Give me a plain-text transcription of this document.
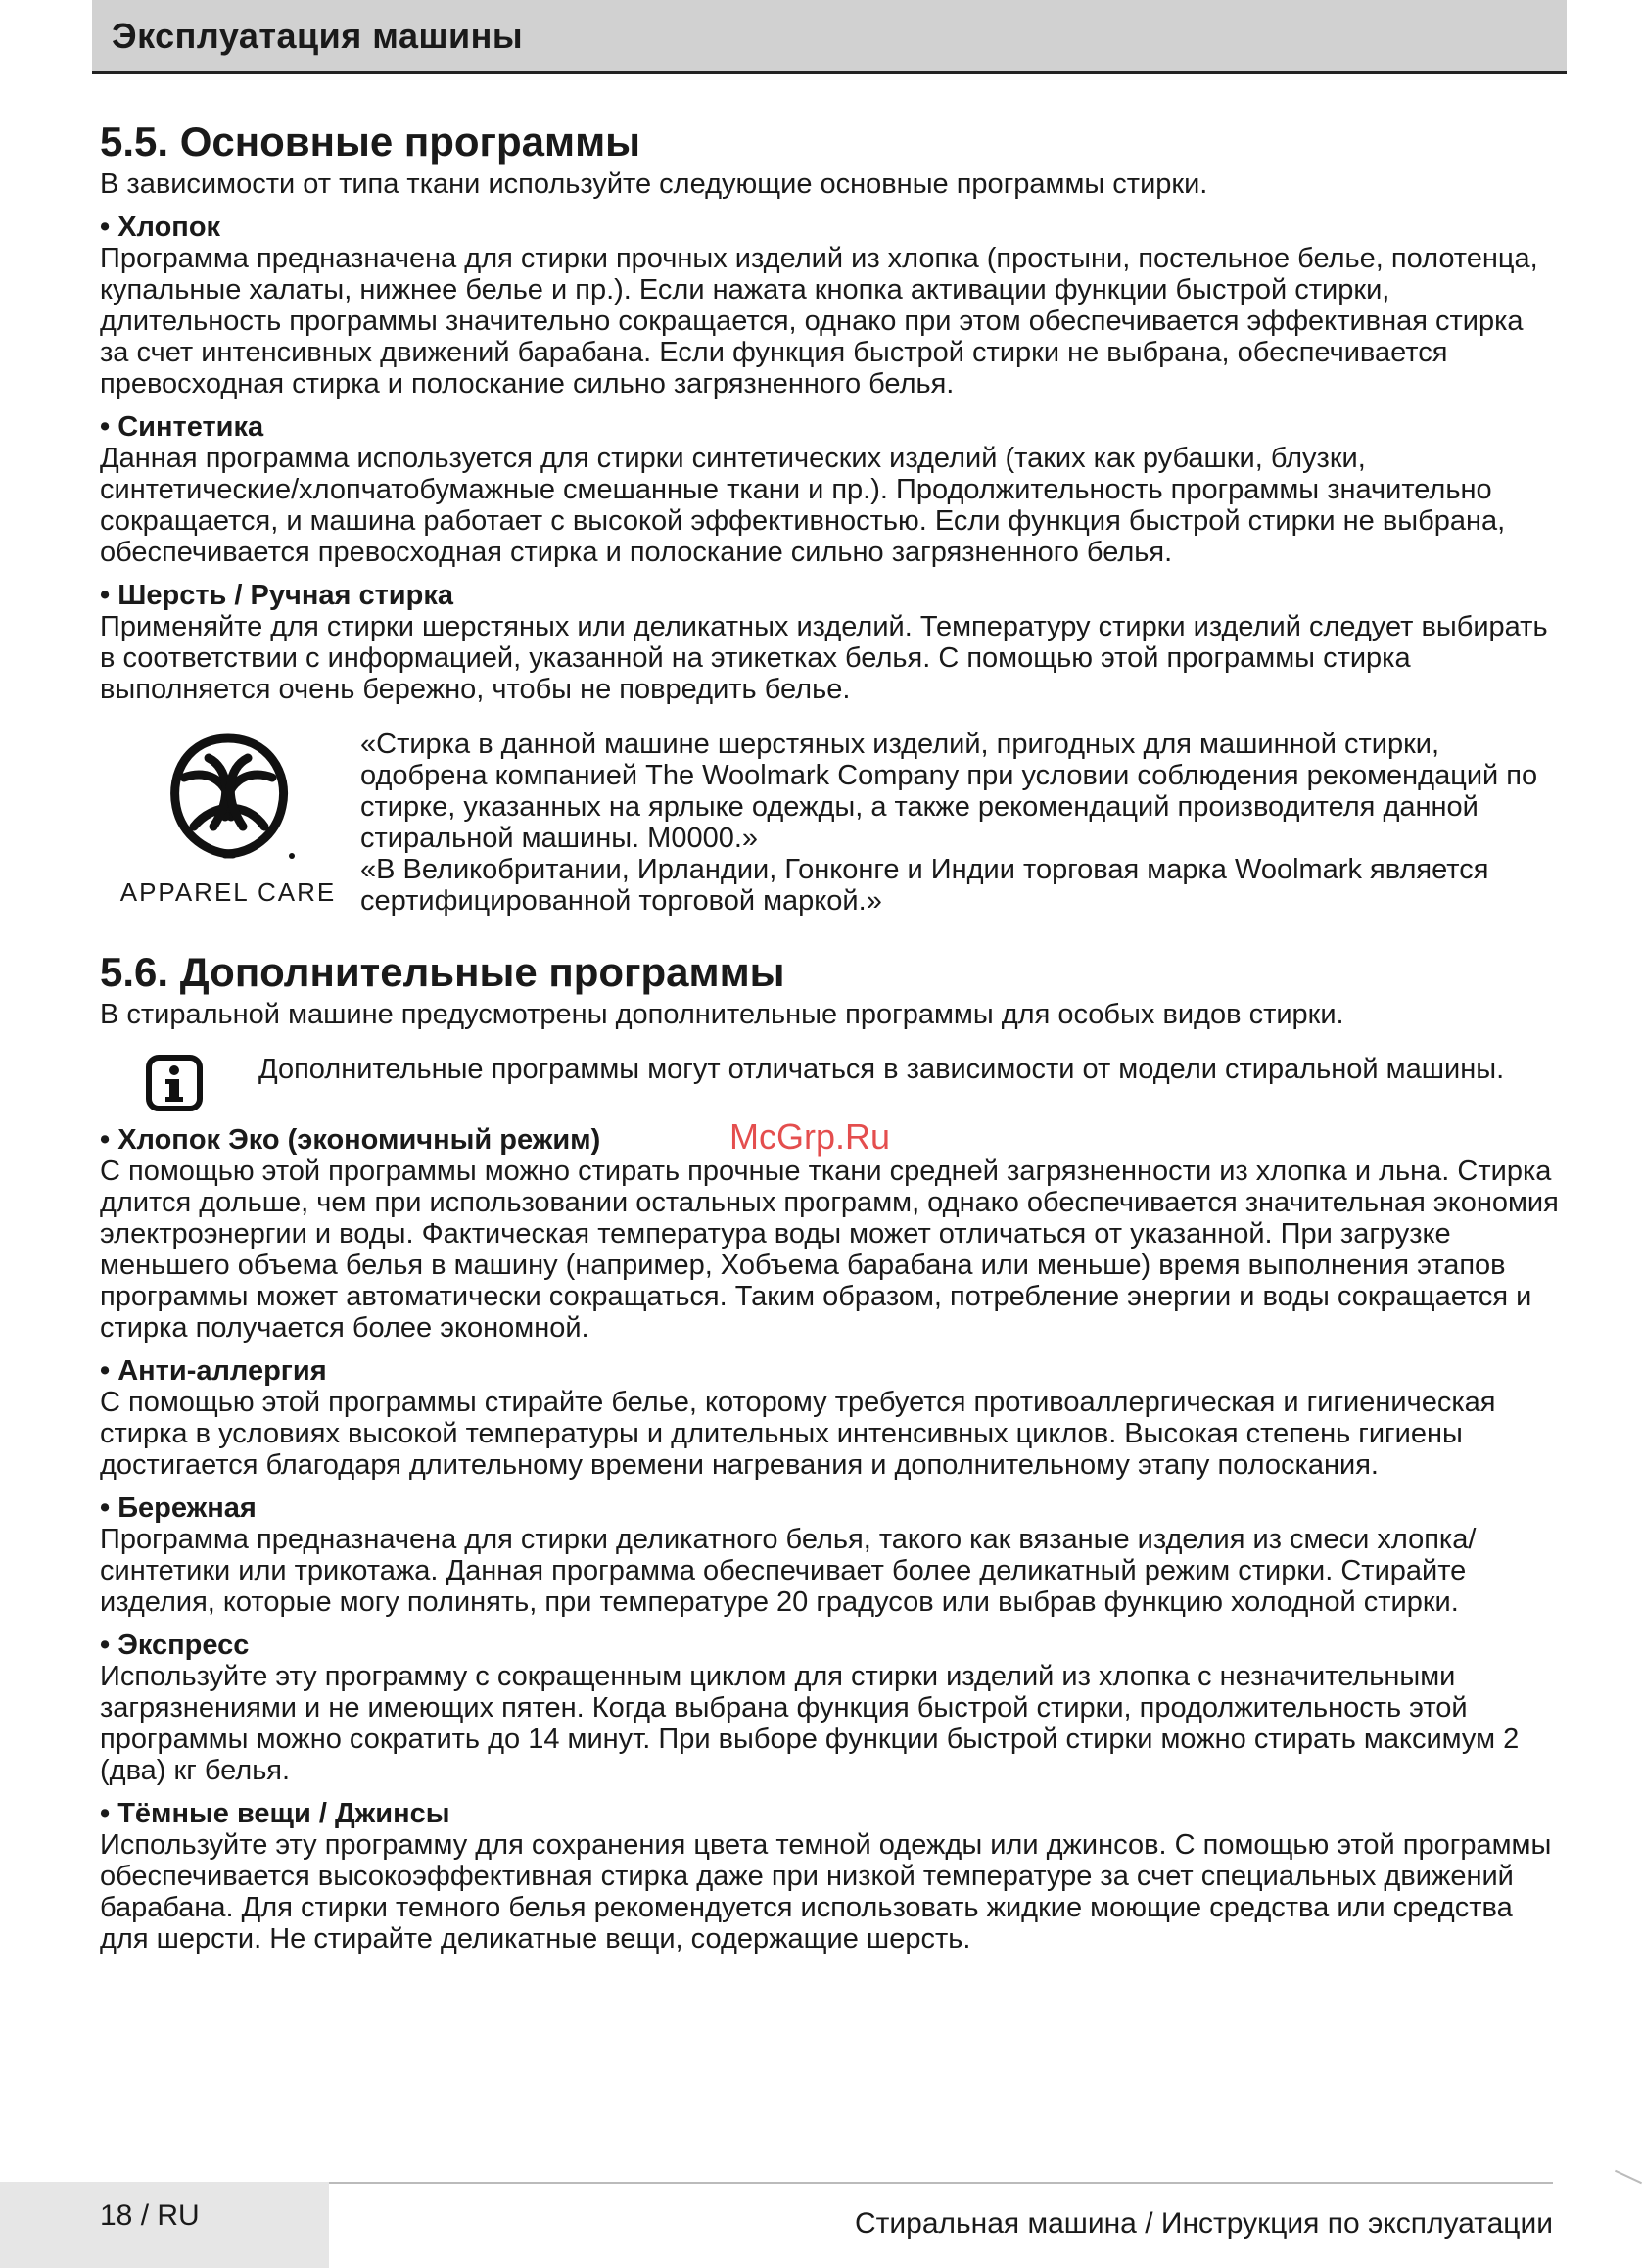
Эксплуатация машины
5.5. Основные программы

В зависимости от типа ткани используйте следующие основные программы стирки.

• Хлопок

Программа предназначена для стирки прочных изделий из хлопка (простыни, постельное белье, полотенца, купальные халаты, нижнее белье и пр.). Если нажата кнопка активации функции быстрой стирки, длительность программы значительно сокращается, однако при этом обеспечивается эффективная стирка за счет интенсивных движений барабана. Если функция быстрой стирки не выбрана, обеспечивается превосходная стирка и полоскание сильно загрязненного белья.

• Синтетика

Данная программа используется для стирки синтетических изделий (таких как рубашки, блузки, синтетические/хлопчатобумажные смешанные ткани и пр.). Продолжительность программы значительно сокращается, и машина работает с высокой эффективностью. Если функция быстрой стирки не выбрана, обеспечивается превосходная стирка и полоскание сильно загрязненного белья.

• Шерсть / Ручная стирка

Применяйте для стирки шерстяных или деликатных изделий. Температуру стирки изделий следует выбирать в соответствии с информацией, указанной на этикетках белья. С помощью этой программы стирка выполняется очень бережно, чтобы не повредить белье.

APPAREL CARE

«Стирка в данной машине шерстяных изделий, пригодных для машинной стирки, одобрена компанией The Woolmark Company при условии соблюдения рекомендаций по стирке, указанных на ярлыке одежды, а также рекомендаций производителя данной стиральной машины. M0000.»

«В Великобритании, Ирландии, Гонконге и Индии торговая марка Woolmark является сертифицированной торговой маркой.»

5.6. Дополнительные программы

В стиральной машине предусмотрены дополнительные программы для особых видов стирки.

Дополнительные программы могут отличаться в зависимости от модели стиральной машины.

• Хлопок Эко (экономичный режим)

С помощью этой программы можно стирать прочные ткани средней загрязненности из хлопка и льна. Стирка длится дольше, чем при использовании остальных программ, однако обеспечивается значительная экономия электроэнергии и воды. Фактическая температура воды может отличаться от указанной. При загрузке меньшего объема белья в машину (например, Хобъема барабана или меньше) время выполнения этапов программы может автоматически сокращаться. Таким образом, потребление энергии и воды сокращается и стирка получается более экономной.

• Анти-аллергия

С помощью этой программы стирайте белье, которому требуется противоаллергическая и гигиеническая стирка в условиях высокой температуры и длительных интенсивных циклов. Высокая степень гигиены достигается благодаря длительному времени нагревания и дополнительному этапу полоскания.

• Бережная

Программа предназначена для стирки деликатного белья, такого как вязаные изделия из смеси хлопка/синтетики или трикотажа. Данная программа обеспечивает более деликатный режим стирки. Стирайте изделия, которые могу полинять, при температуре 20 градусов или выбрав функцию холодной стирки.

• Экспресс

Используйте эту программу с сокращенным циклом для стирки изделий из хлопка с незначительными загрязнениями и не имеющих пятен. Когда выбрана функция быстрой стирки, продолжительность этой программы можно сократить до 14 минут. При выборе функции быстрой стирки можно стирать максимум 2 (два) кг белья.

• Тёмные вещи / Джинсы

Используйте эту программу для сохранения цвета темной одежды или джинсов. С помощью этой программы обеспечивается высокоэффективная стирка даже при низкой температуре за счет специальных движений барабана. Для стирки темного белья рекомендуется использовать жидкие моющие средства или средства для шерсти. Не стирайте деликатные вещи, содержащие шерсть.

McGrp.Ru
18 / RU	Стиральная машина / Инструкция по эксплуатации
